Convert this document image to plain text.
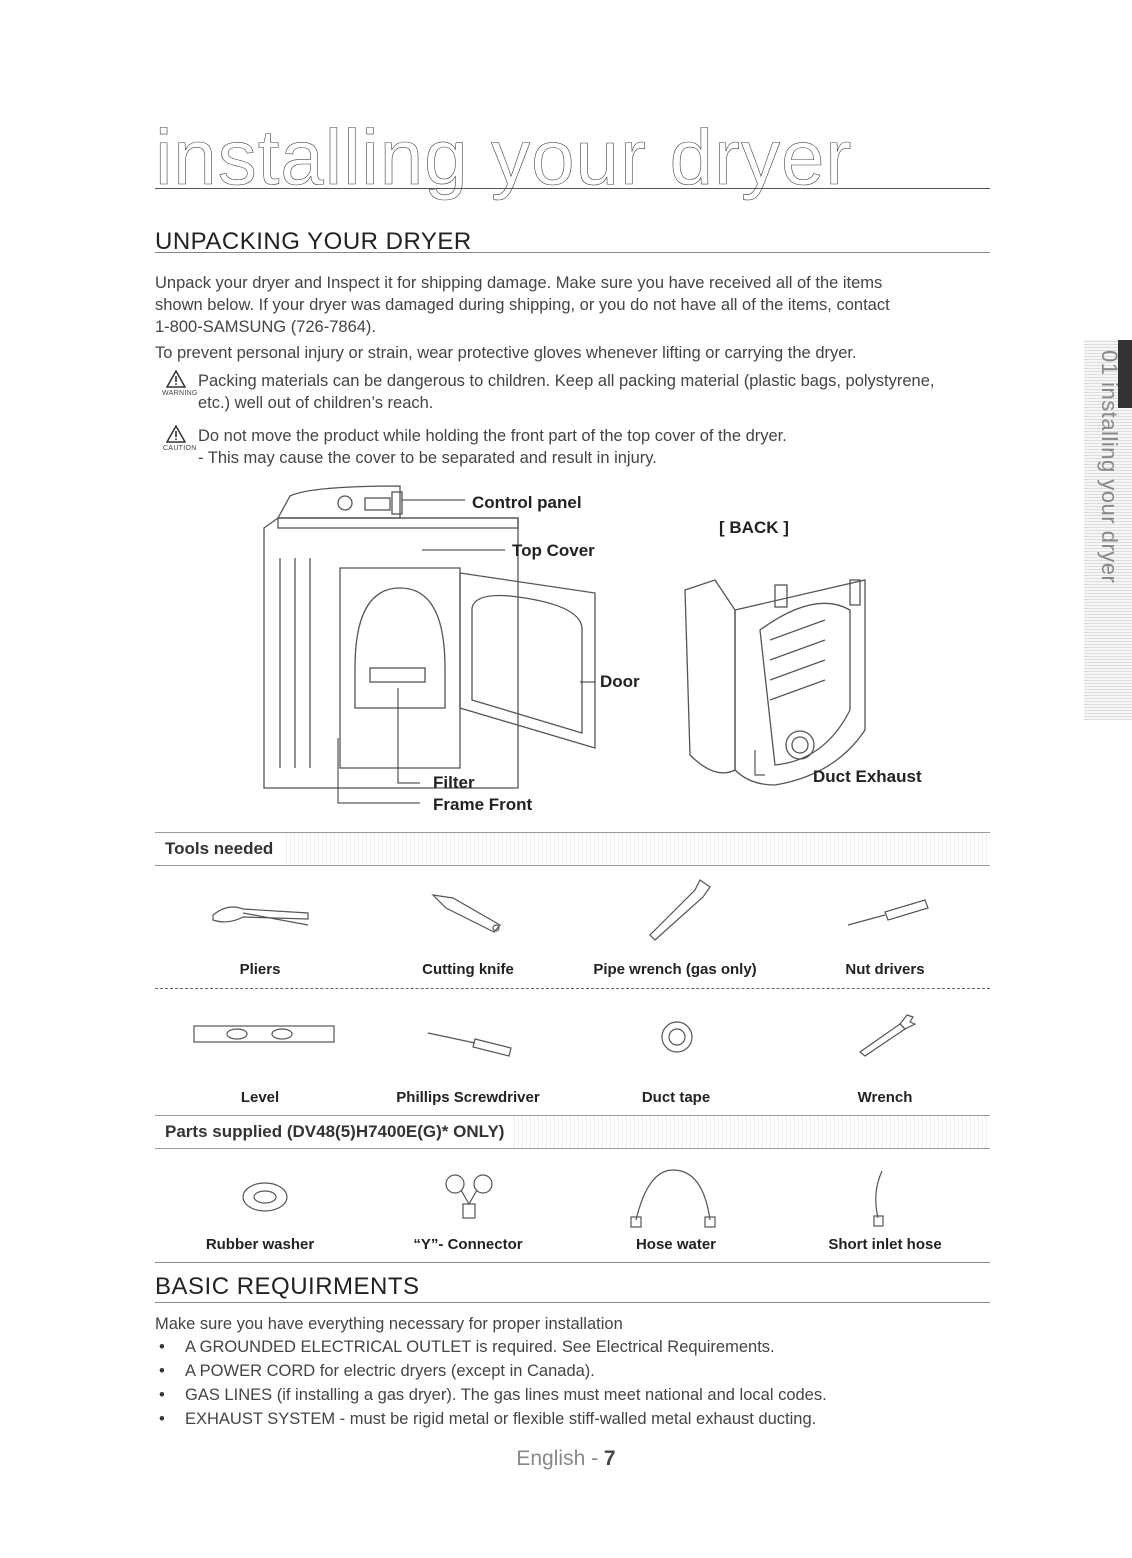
installing your dryer
01 installing your dryer
UNPACKING YOUR DRYER
Unpack your dryer and Inspect it for shipping damage. Make sure you have received all of the items
shown below. If your dryer was damaged during shipping, or you do not have all of the items, contact
1-800-SAMSUNG (726-7864).
To prevent personal injury or strain, wear protective gloves whenever lifting or carrying the dryer.
WARNING
Packing materials can be dangerous to children. Keep all packing material (plastic bags, polystyrene,
etc.) well out of children’s reach.
CAUTION
Do not move the product while holding the front part of the top cover of the dryer.
- This may cause the cover to be separated and result in injury.
Control panel
Top Cover
Door
Filter
Frame Front
[ BACK ]
Duct Exhaust
Tools needed
Pliers	Cutting knife	Pipe wrench (gas only)	Nut drivers
Level	Phillips Screwdriver	Duct tape	Wrench
Parts supplied (DV48(5)H7400E(G)* ONLY)
Rubber washer	“Y”- Connector	Hose water	Short inlet hose
BASIC REQUIRMENTS
Make sure you have everything necessary for proper installation
• A GROUNDED ELECTRICAL OUTLET is required. See Electrical Requirements.
• A POWER CORD for electric dryers (except in Canada).
• GAS LINES (if installing a gas dryer). The gas lines must meet national and local codes.
• EXHAUST SYSTEM - must be rigid metal or flexible stiff-walled metal exhaust ducting.
English - 7
